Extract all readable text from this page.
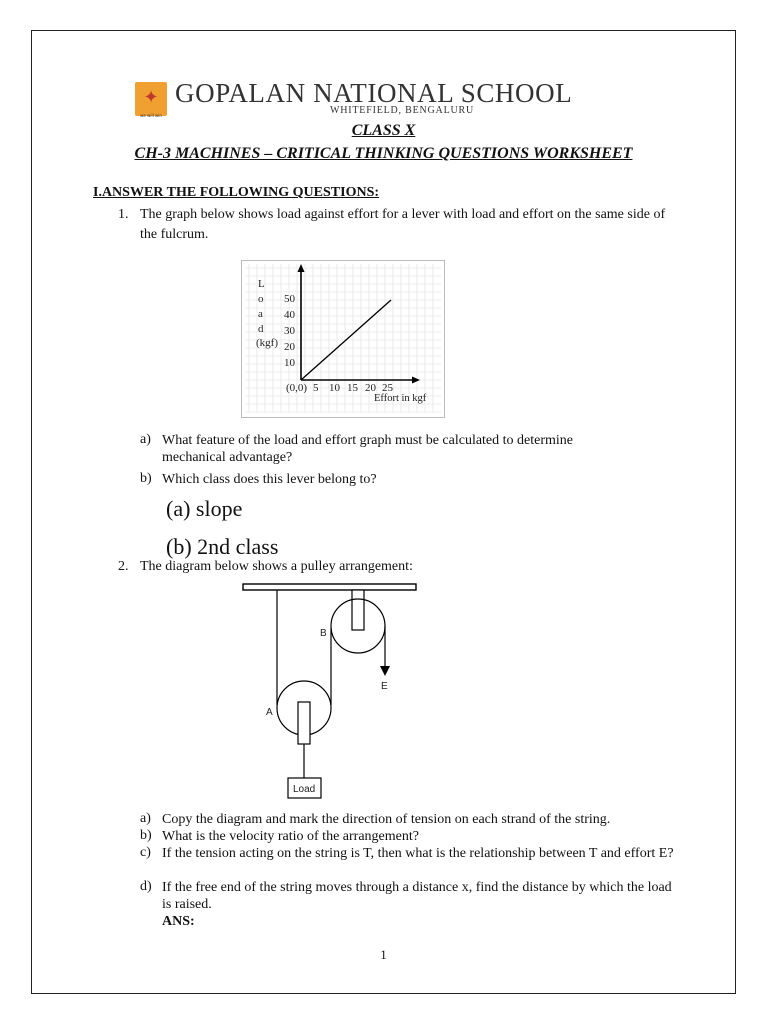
✦
we will win
GOPALAN NATIONAL SCHOOL
WHITEFIELD, BENGALURU
CLASS X
CH-3 MACHINES – CRITICAL THINKING QUESTIONS WORKSHEET
I.ANSWER THE FOLLOWING QUESTIONS:
1. The graph below shows load against effort for a lever with load and effort on the same side of the fulcrum.
L
o
a
d
(kgf)
50
40
30
20
10
(0,0) 5 10 15 20 25
Effort in kgf
a) What feature of the load and effort graph must be calculated to determine mechanical advantage?
b) Which class does this lever belong to?
(a) slope
(b) 2nd class
2. The diagram below shows a pulley arrangement:
B
E
A
Load
a) Copy the diagram and mark the direction of tension on each strand of the string.
b) What is the velocity ratio of the arrangement?
c) If the tension acting on the string is T, then what is the relationship between T and effort E?
d) If the free end of the string moves through a distance x, find the distance by which the load is raised.
ANS:
1
